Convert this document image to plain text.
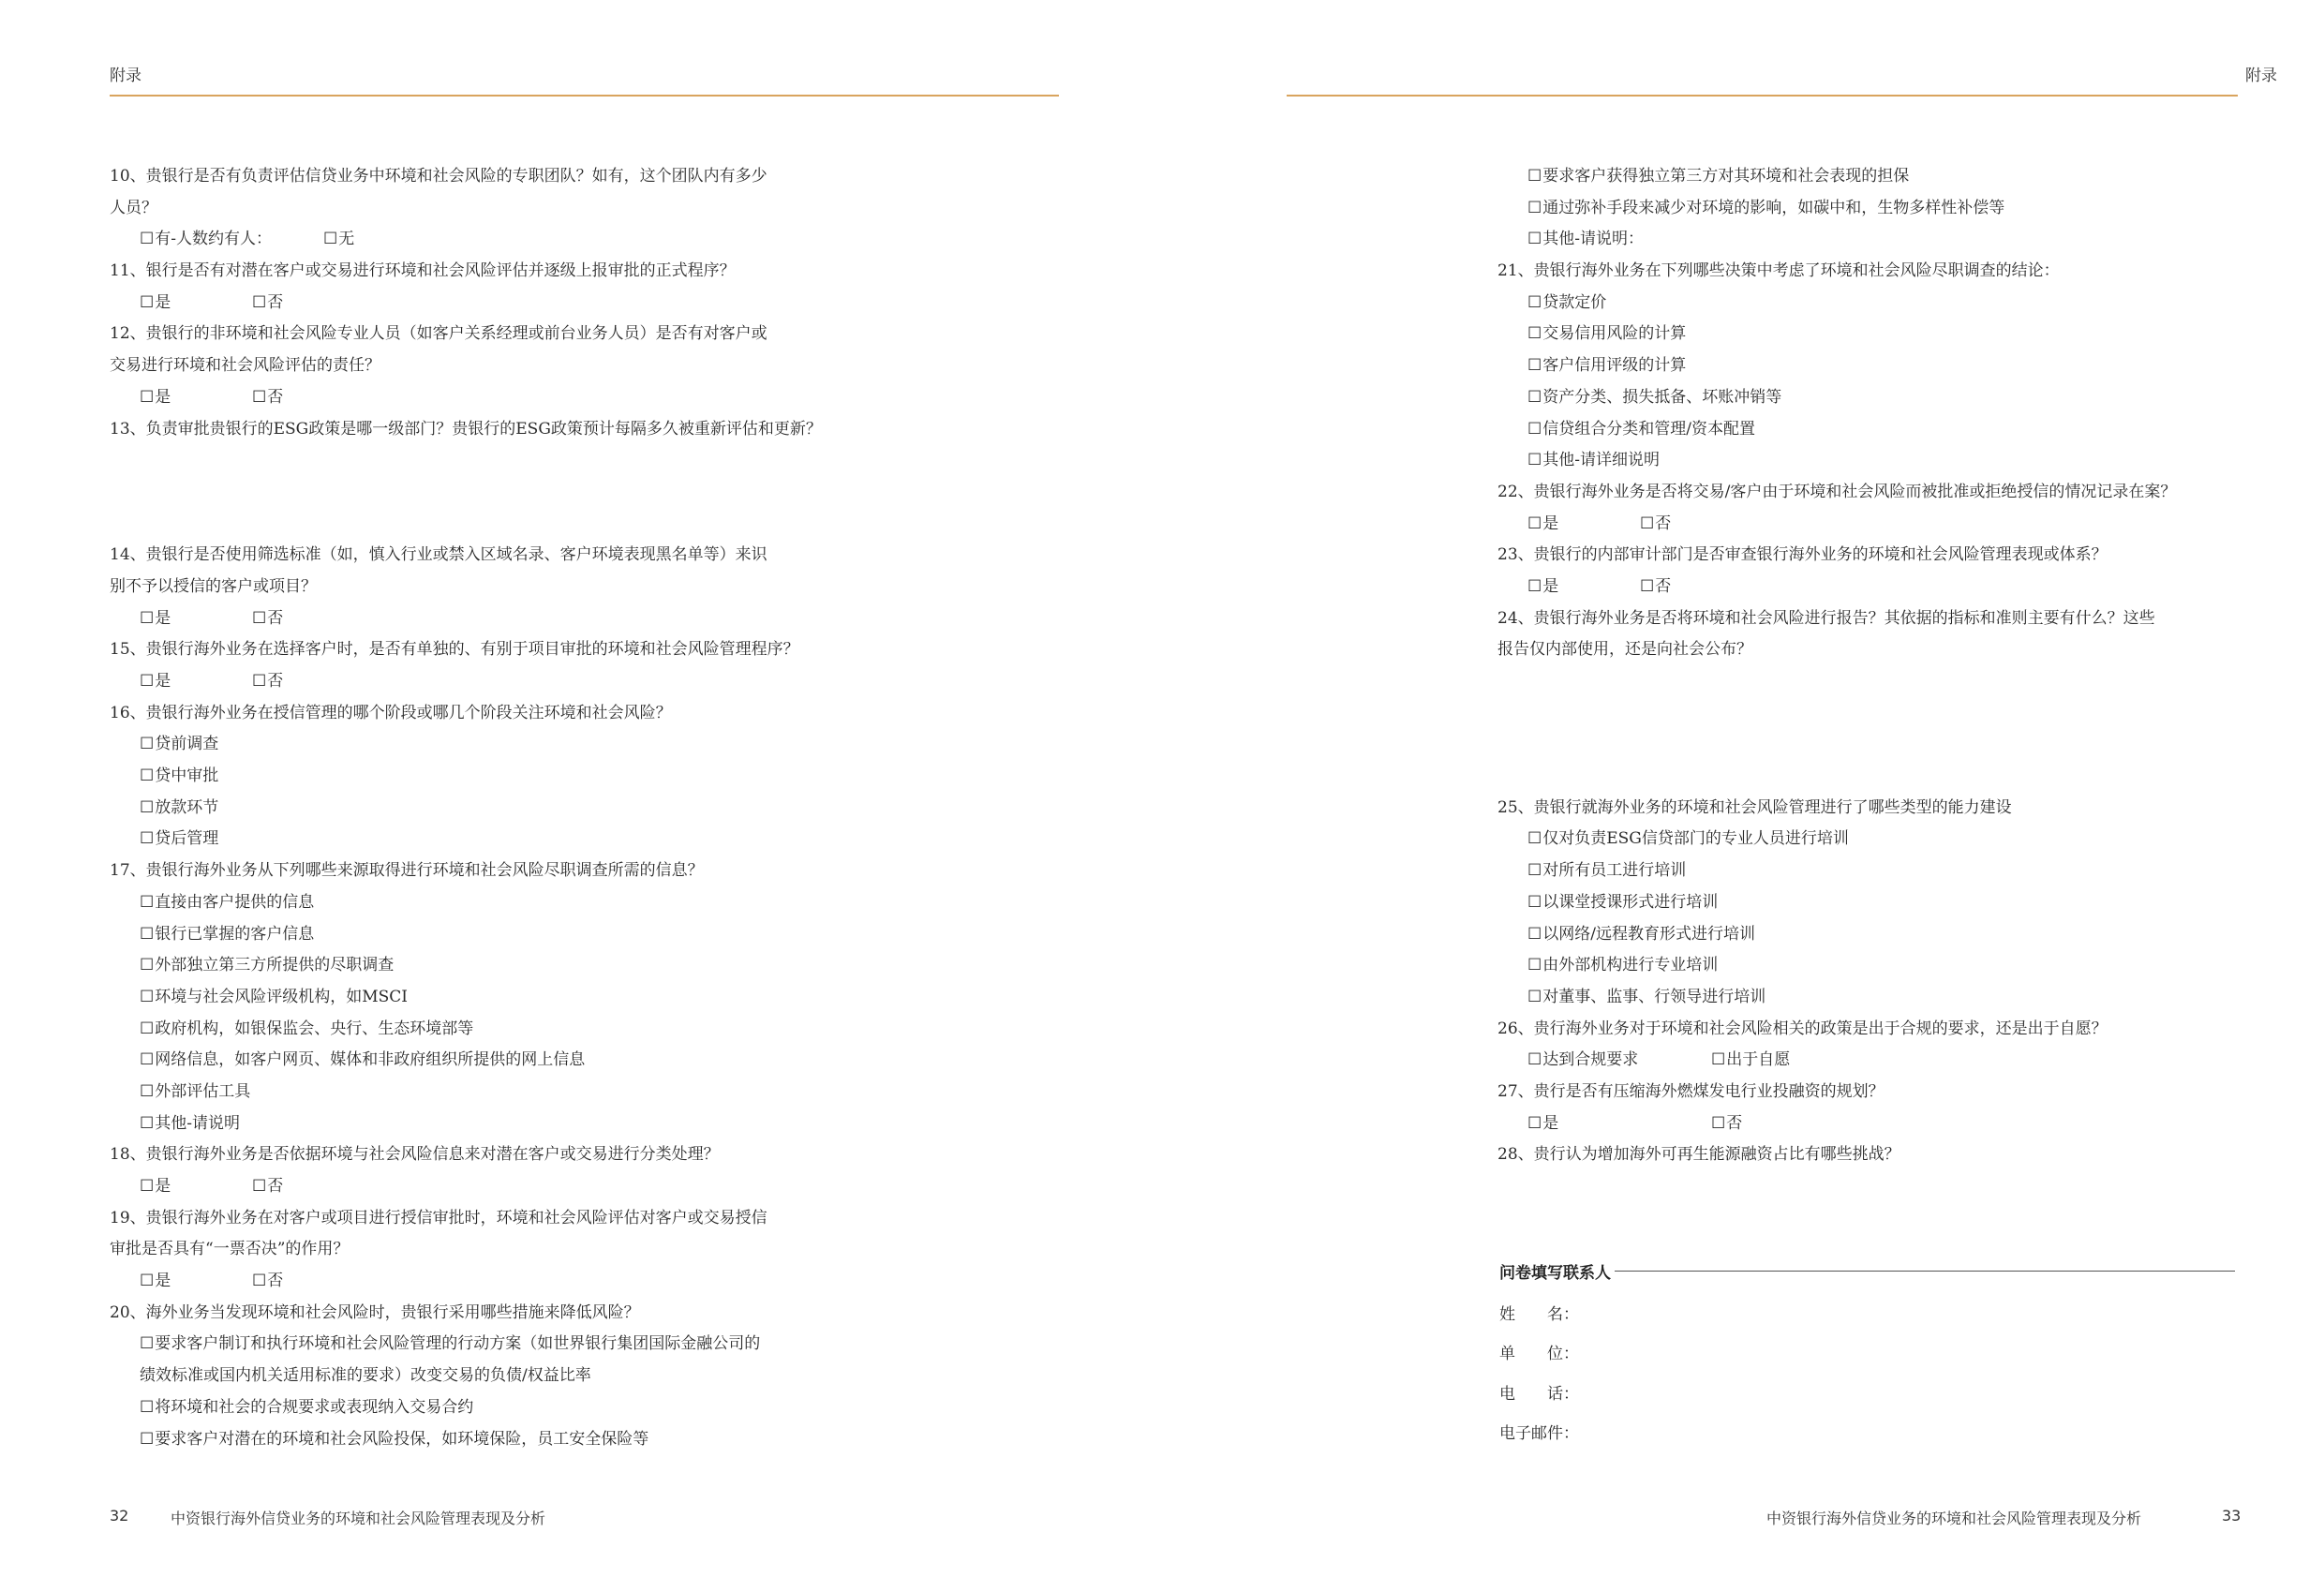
附录
10、贵银行是否有负责评估信贷业务中环境和社会风险的专职团队？如有，这个团队内有多少
人员？
☐有-人数约有人：	☐无
11、银行是否有对潜在客户或交易进行环境和社会风险评估并逐级上报审批的正式程序？
☐是	☐否
12、贵银行的非环境和社会风险专业人员（如客户关系经理或前台业务人员）是否有对客户或
交易进行环境和社会风险评估的责任？
☐是	☐否
13、负责审批贵银行的ESG政策是哪一级部门？贵银行的ESG政策预计每隔多久被重新评估和更新？
14、贵银行是否使用筛选标准（如，慎入行业或禁入区域名录、客户环境表现黑名单等）来识
别不予以授信的客户或项目？
☐是	☐否
15、贵银行海外业务在选择客户时，是否有单独的、有别于项目审批的环境和社会风险管理程序？
☐是	☐否
16、贵银行海外业务在授信管理的哪个阶段或哪几个阶段关注环境和社会风险？
☐贷前调查
☐贷中审批
☐放款环节
☐贷后管理
17、贵银行海外业务从下列哪些来源取得进行环境和社会风险尽职调查所需的信息？
☐直接由客户提供的信息
☐银行已掌握的客户信息
☐外部独立第三方所提供的尽职调查
☐环境与社会风险评级机构，如MSCI
☐政府机构，如银保监会、央行、生态环境部等
☐网络信息，如客户网页、媒体和非政府组织所提供的网上信息
☐外部评估工具
☐其他-请说明
18、贵银行海外业务是否依据环境与社会风险信息来对潜在客户或交易进行分类处理？
☐是	☐否
19、贵银行海外业务在对客户或项目进行授信审批时，环境和社会风险评估对客户或交易授信
审批是否具有“一票否决”的作用？
☐是	☐否
20、海外业务当发现环境和社会风险时，贵银行采用哪些措施来降低风险？
☐要求客户制订和执行环境和社会风险管理的行动方案（如世界银行集团国际金融公司的
绩效标准或国内机关适用标准的要求）改变交易的负债/权益比率
☐将环境和社会的合规要求或表现纳入交易合约
☐要求客户对潜在的环境和社会风险投保，如环境保险，员工安全保险等
32	中资银行海外信贷业务的环境和社会风险管理表现及分析
附录
☐要求客户获得独立第三方对其环境和社会表现的担保
☐通过弥补手段来减少对环境的影响，如碳中和，生物多样性补偿等
☐其他-请说明：
21、贵银行海外业务在下列哪些决策中考虑了环境和社会风险尽职调查的结论：
☐贷款定价
☐交易信用风险的计算
☐客户信用评级的计算
☐资产分类、损失抵备、坏账冲销等
☐信贷组合分类和管理/资本配置
☐其他-请详细说明
22、贵银行海外业务是否将交易/客户由于环境和社会风险而被批准或拒绝授信的情况记录在案？
☐是	☐否
23、贵银行的内部审计部门是否审查银行海外业务的环境和社会风险管理表现或体系？
☐是	☐否
24、贵银行海外业务是否将环境和社会风险进行报告？其依据的指标和准则主要有什么？这些
报告仅内部使用，还是向社会公布？
25、贵银行就海外业务的环境和社会风险管理进行了哪些类型的能力建设
☐仅对负责ESG信贷部门的专业人员进行培训
☐对所有员工进行培训
☐以课堂授课形式进行培训
☐以网络/远程教育形式进行培训
☐由外部机构进行专业培训
☐对董事、监事、行领导进行培训
26、贵行海外业务对于环境和社会风险相关的政策是出于合规的要求，还是出于自愿？
☐达到合规要求	☐出于自愿
27、贵行是否有压缩海外燃煤发电行业投融资的规划？
☐是	☐否
28、贵行认为增加海外可再生能源融资占比有哪些挑战？
问卷填写联系人
姓　　名：
单　　位：
电　　话：
电子邮件：
中资银行海外信贷业务的环境和社会风险管理表现及分析	33
